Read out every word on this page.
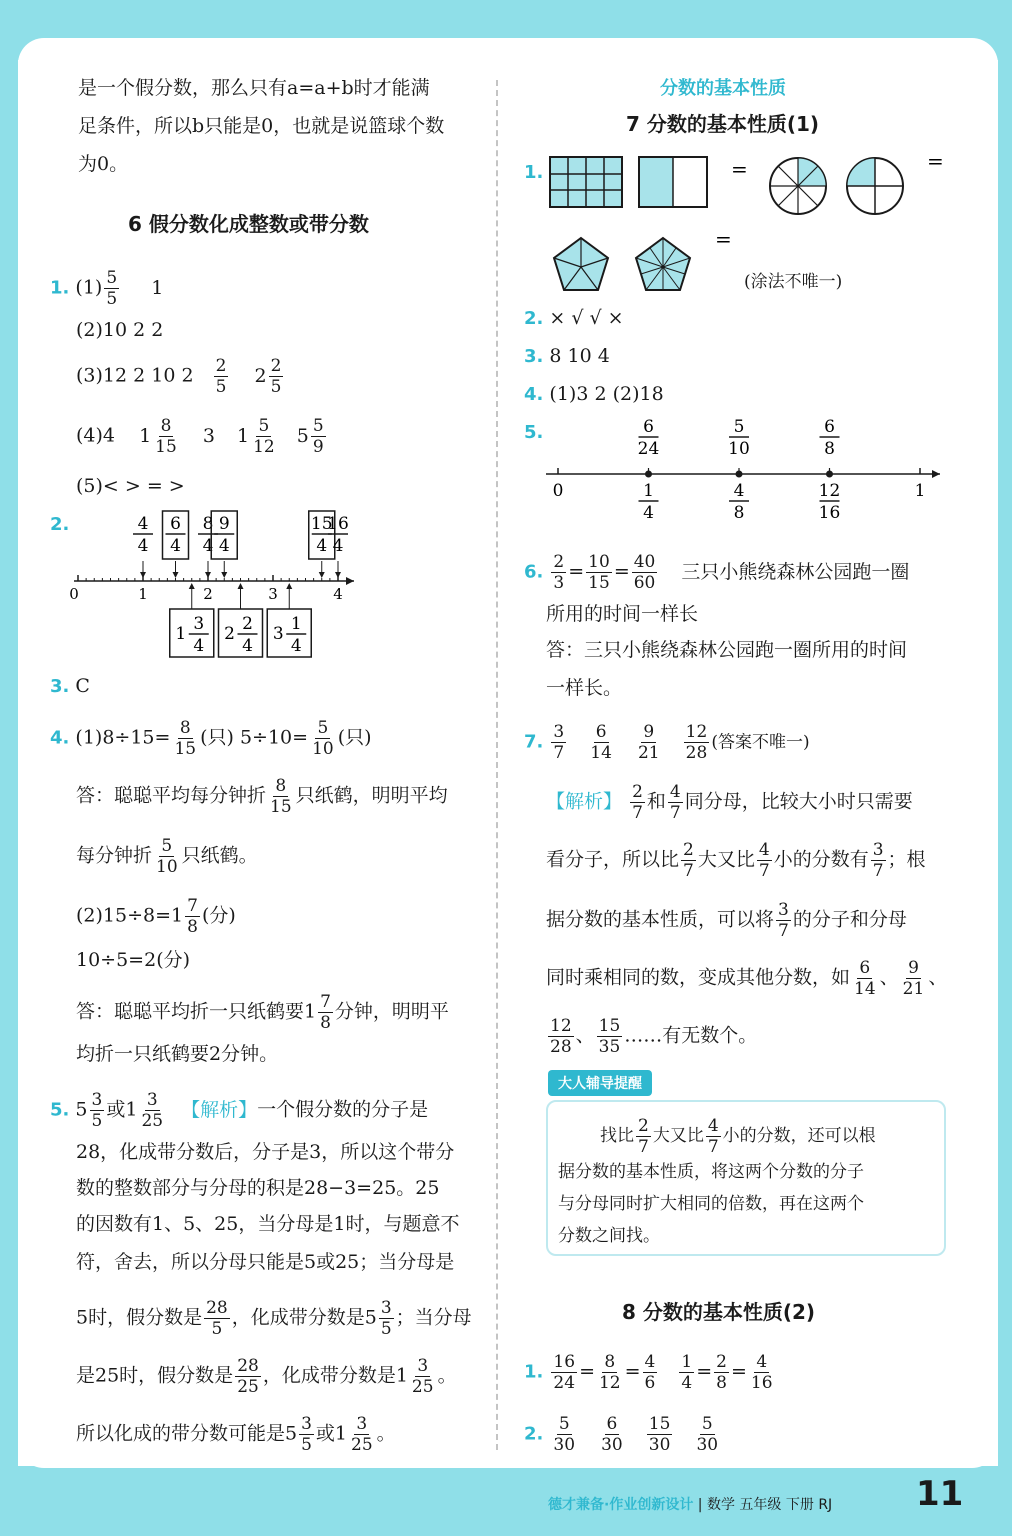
是一个假分数，那么只有a=a+b时才能满
足条件，所以b只能是0，也就是说篮球个数
为0。
6 假分数化成整数或带分数
1. $(1) \frac{5}{5} 1$
(2)10 2 2
(3)12 2 10 $2 \frac{2}{5} 2 \frac{2}{5}$
(4)4 $1 \frac{8}{15} 3$ $1 \frac{5}{12} 5 \frac{5}{9}$
(5)< > = >
2.
0	1	2	3	4
4
4
6
4
8
4
9
4
15
4
16
4
1 3
4
2 2
4
3 1
4
3. C
4. $(1)8\div 15= \frac{8}{15}$ (只) $5\div 10= \frac{5}{10}$ (只)
答：聪聪平均每分钟折 $\frac{8}{15}$ 只纸鹤，明明平均
每分钟折 $\frac{5}{10}$ 只纸鹤。
$(2)15\div 8=1 \frac{7}{8}$ (分)
10÷5=2(分)
答：聪聪平均折一只纸鹤要$1 \frac{7}{8}$ 分钟，明明平
均折一只纸鹤要2分钟。
5. $5 \frac{3}{5}$ 或$1 \frac{3}{25}$ 【解析】一个假分数的分子是
28，化成带分数后，分子是3，所以这个带分
数的整数部分与分母的积是28−3=25。25
的因数有1、5、25，当分母是1时，与题意不
符，舍去，所以分母只能是5或25；当分母是
5时，假分数是 $\frac{28}{5}$ ，化成带分数是$5 \frac{3}{5}$ ；当分母
是25时，假分数是 $\frac{28}{25}$ ，化成带分数是$1 \frac{3}{25}$ 。
所以化成的带分数可能是$5 \frac{3}{5}$ 或$1 \frac{3}{25}$ 。
分数的基本性质
7 分数的基本性质(1)
1.	=	=
=
(涂法不唯一)
2. × √ √ ×
3. 8 10 4
4. (1)3 2 (2)18
5.
0	1
6
24
5
10
6
8
1
4
4
8
12
16
6. $\frac{2}{3} = \frac{10}{15} = \frac{40}{60}$ 三只小熊绕森林公园跑一圈
所用的时间一样长
答：三只小熊绕森林公园跑一圈所用的时间
一样长。
7. $\frac{3}{7}$
$\frac{6}{14}$
$\frac{9}{21}$
$\frac{12}{28}$ (答案不唯一)
【解析】 $\frac{2}{7}$ 和 $\frac{4}{7}$ 同分母，比较大小时只需要
看分子，所以比 $\frac{2}{7}$ 大又比 $\frac{4}{7}$ 小的分数有 $\frac{3}{7}$ ；根
据分数的基本性质，可以将 $\frac{3}{7}$ 的分子和分母
同时乘相同的数，变成其他分数，如 $\frac{6}{14}$ 、 $\frac{9}{21}$ 、
$\frac{12}{28}$ 、 $\frac{15}{35}$ ……有无数个。
大人辅导提醒
找比 $\frac{2}{7}$ 大又比 $\frac{4}{7}$ 小的分数，还可以根
据分数的基本性质，将这两个分数的分子
与分母同时扩大相同的倍数，再在这两个
分数之间找。
8 分数的基本性质(2)
1. $\frac{16}{24} = \frac{8}{12} = \frac{4}{6}$
$\frac{1}{4} = \frac{2}{8} = \frac{4}{16}$
2. $\frac{5}{30}$
$\frac{6}{30}$
$\frac{15}{30}$
$\frac{5}{30}$
德才兼备·作业创新设计 | 数学 五年级 下册 RJ 11
